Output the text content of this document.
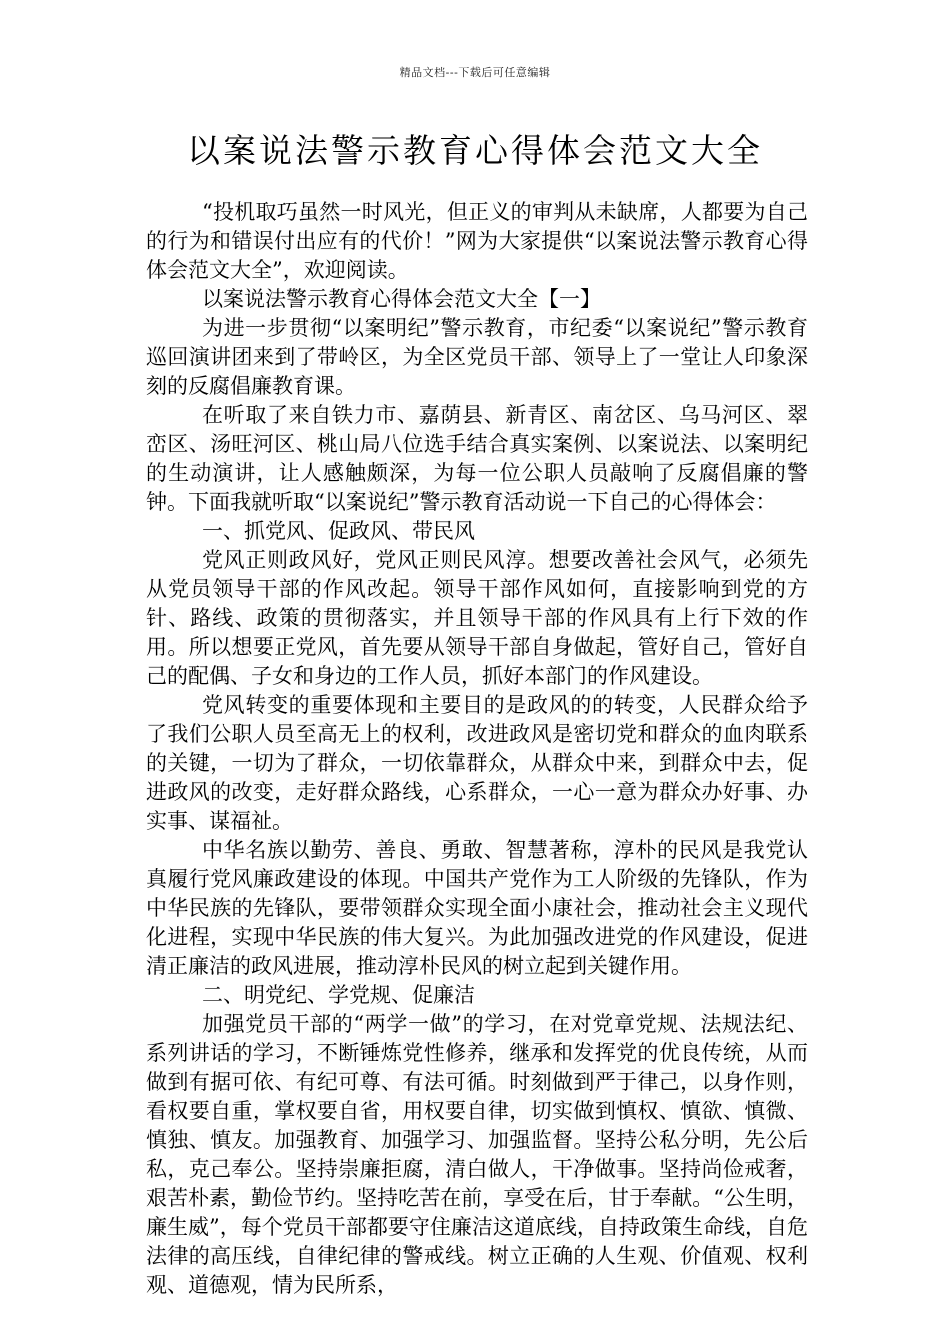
精品文档---下载后可任意编辑
以案说法警示教育心得体会范文大全

“投机取巧虽然一时风光，但正义的审判从未缺席，人都要为自己的行为和错误付出应有的代价！”网为大家提供“以案说法警示教育心得体会范文大全”，欢迎阅读。

以案说法警示教育心得体会范文大全【一】

为进一步贯彻“以案明纪”警示教育，市纪委“以案说纪”警示教育巡回演讲团来到了带岭区，为全区党员干部、领导上了一堂让人印象深刻的反腐倡廉教育课。

在听取了来自铁力市、嘉荫县、新青区、南岔区、乌马河区、翠峦区、汤旺河区、桃山局八位选手结合真实案例、以案说法、以案明纪的生动演讲，让人感触颇深，为每一位公职人员敲响了反腐倡廉的警钟。下面我就听取“以案说纪”警示教育活动说一下自己的心得体会：

一、抓党风、促政风、带民风

党风正则政风好，党风正则民风淳。想要改善社会风气，必须先从党员领导干部的作风改起。领导干部作风如何，直接影响到党的方针、路线、政策的贯彻落实，并且领导干部的作风具有上行下效的作用。所以想要正党风，首先要从领导干部自身做起，管好自己，管好自己的配偶、子女和身边的工作人员，抓好本部门的作风建设。

党风转变的重要体现和主要目的是政风的的转变，人民群众给予了我们公职人员至高无上的权利，改进政风是密切党和群众的血肉联系的关键，一切为了群众，一切依靠群众，从群众中来，到群众中去，促进政风的改变，走好群众路线，心系群众，一心一意为群众办好事、办实事、谋福祉。

中华名族以勤劳、善良、勇敢、智慧著称，淳朴的民风是我党认真履行党风廉政建设的体现。中国共产党作为工人阶级的先锋队，作为中华民族的先锋队，要带领群众实现全面小康社会，推动社会主义现代化进程，实现中华民族的伟大复兴。为此加强改进党的作风建设，促进清正廉洁的政风进展，推动淳朴民风的树立起到关键作用。

二、明党纪、学党规、促廉洁

加强党员干部的“两学一做”的学习，在对党章党规、法规法纪、系列讲话的学习，不断锤炼党性修养，继承和发挥党的优良传统，从而做到有据可依、有纪可尊、有法可循。时刻做到严于律己，以身作则，看权要自重，掌权要自省，用权要自律，切实做到慎权、慎欲、慎微、慎独、慎友。加强教育、加强学习、加强监督。坚持公私分明，先公后私，克己奉公。坚持崇廉拒腐，清白做人，干净做事。坚持尚俭戒奢，艰苦朴素，勤俭节约。坚持吃苦在前，享受在后，甘于奉献。“公生明，廉生威”，每个党员干部都要守住廉洁这道底线，自持政策生命线，自危法律的高压线，自律纪律的警戒线。树立正确的人生观、价值观、权利观、道德观，情为民所系，
